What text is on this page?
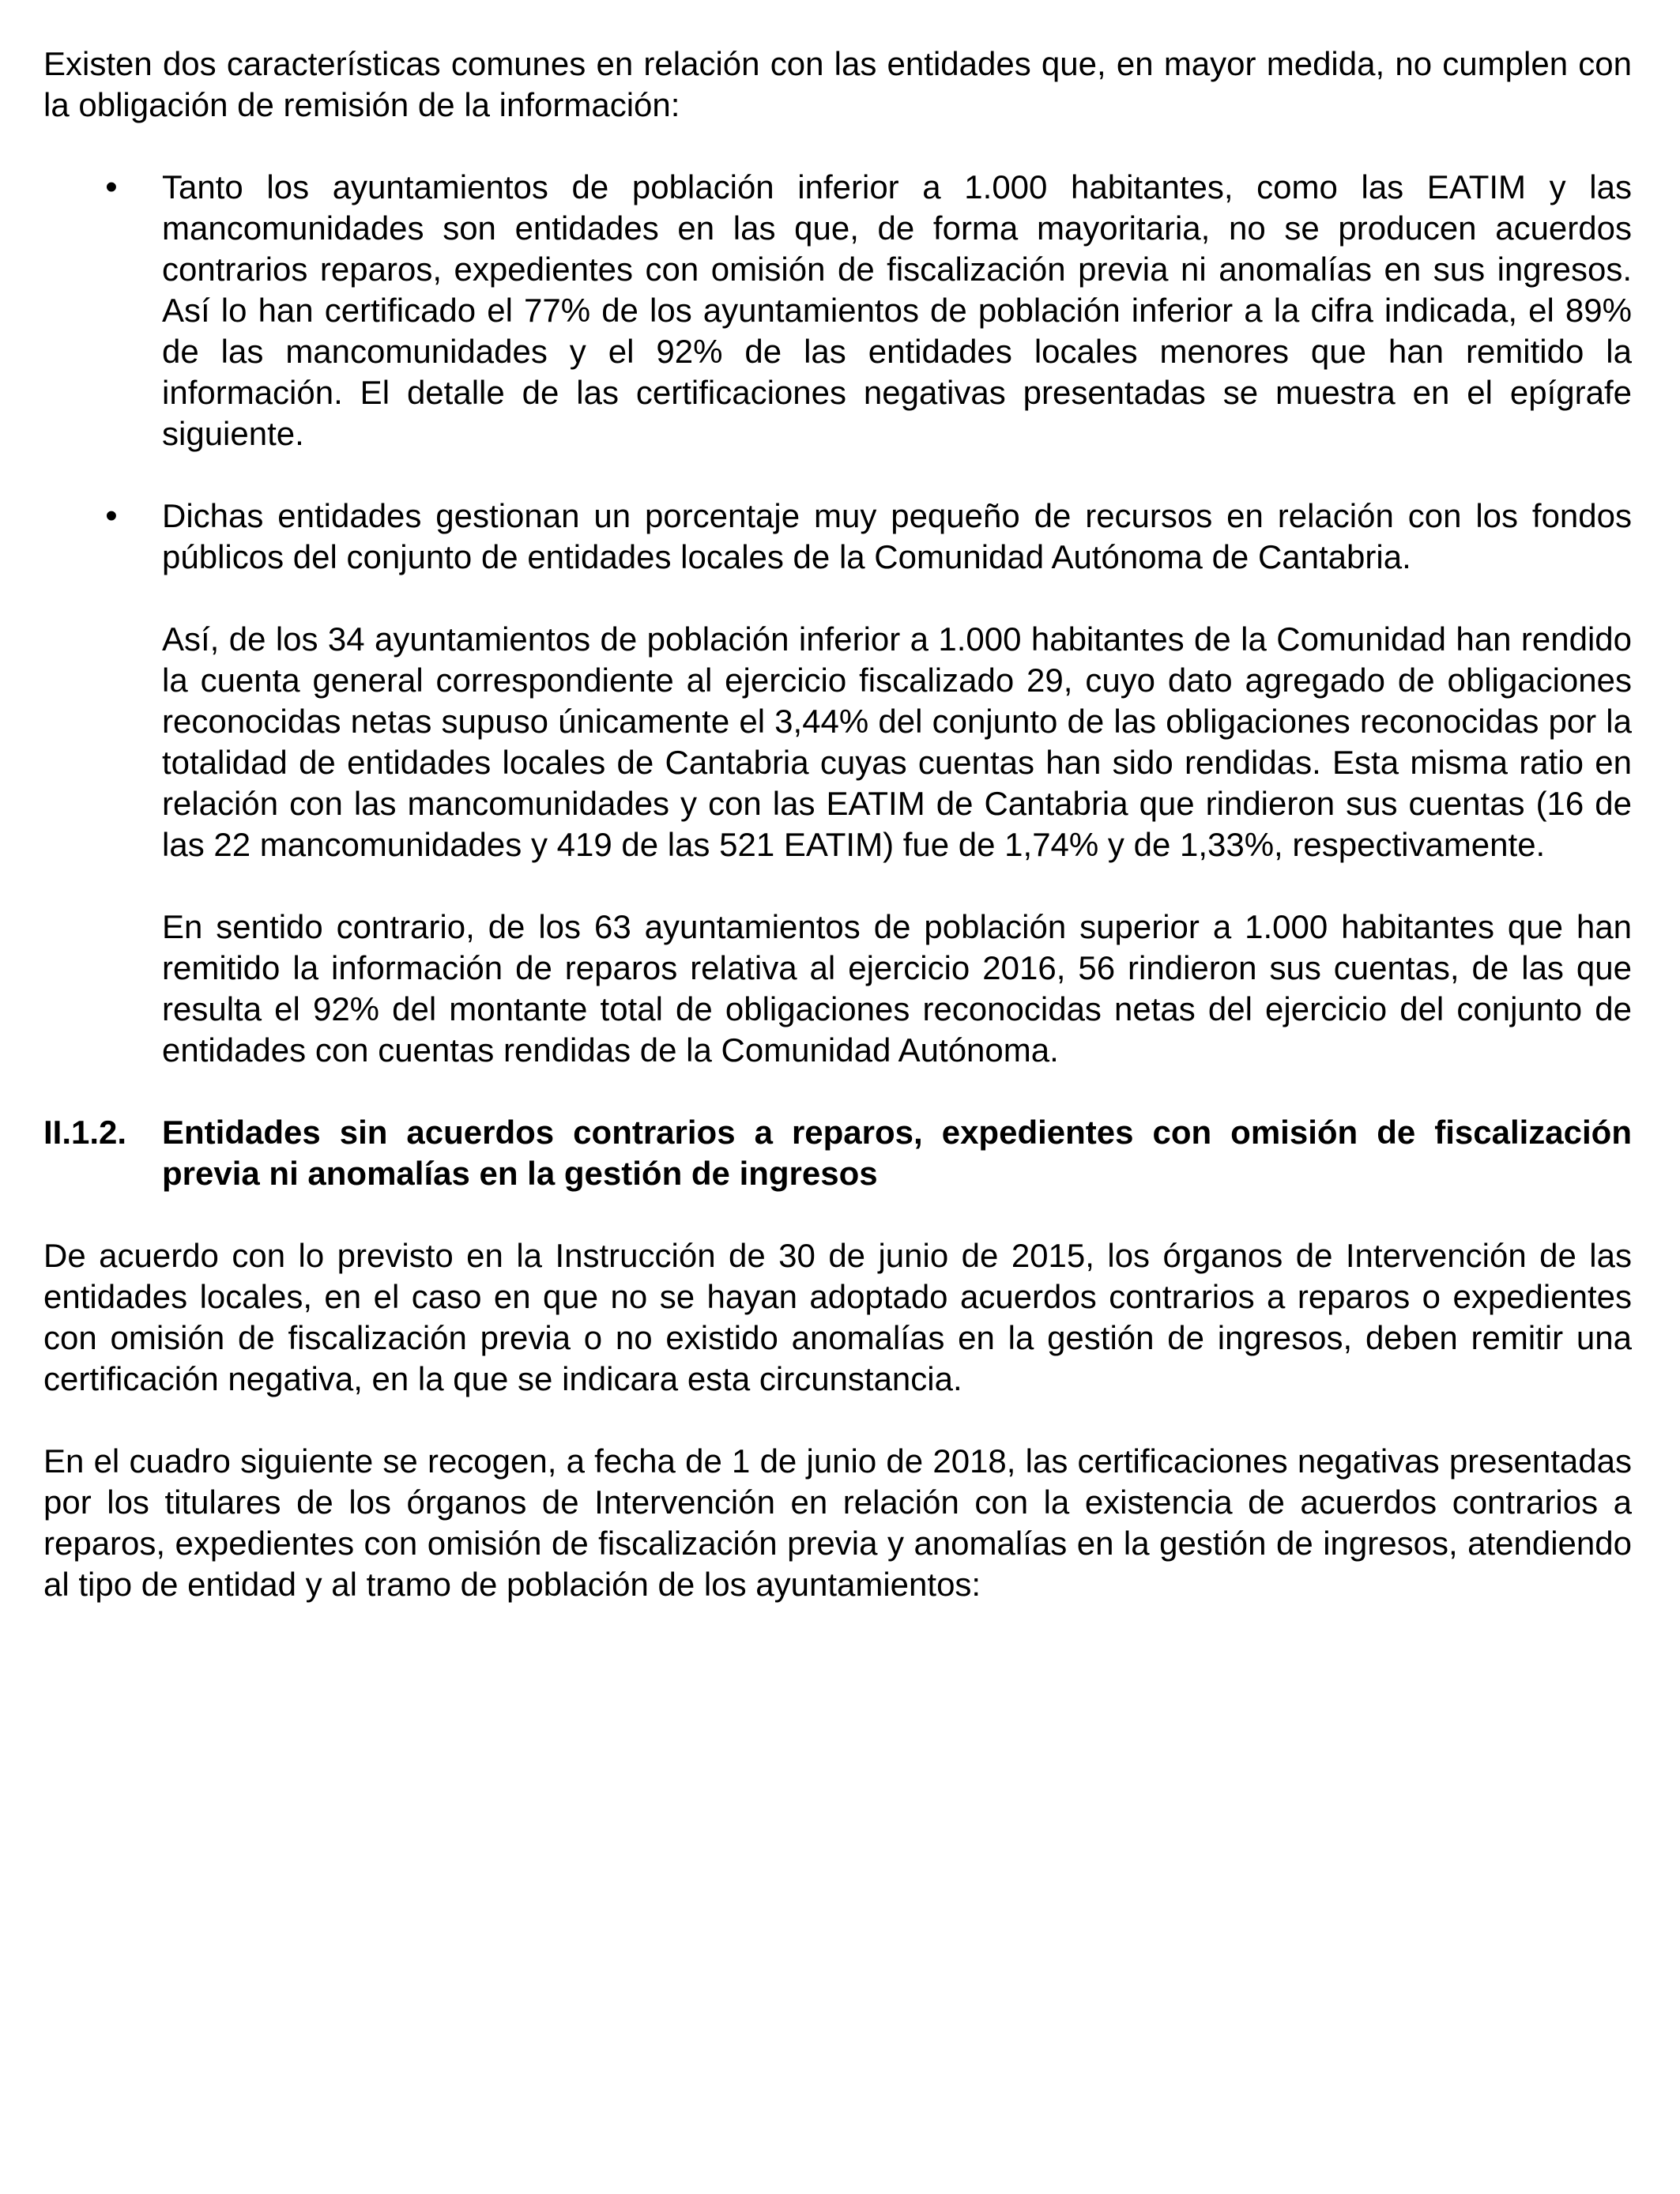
Existen dos características comunes en relación con las entidades que, en mayor medida, no cumplen con la obligación de remisión de la información:

• Tanto los ayuntamientos de población inferior a 1.000 habitantes, como las EATIM y las mancomunidades son entidades en las que, de forma mayoritaria, no se producen acuerdos contrarios reparos, expedientes con omisión de fiscalización previa ni anomalías en sus ingresos. Así lo han certificado el 77% de los ayuntamientos de población inferior a la cifra indicada, el 89% de las mancomunidades y el 92% de las entidades locales menores que han remitido la información. El detalle de las certificaciones negativas presentadas se muestra en el epígrafe siguiente.

• Dichas entidades gestionan un porcentaje muy pequeño de recursos en relación con los fondos públicos del conjunto de entidades locales de la Comunidad Autónoma de Cantabria.

Así, de los 34 ayuntamientos de población inferior a 1.000 habitantes de la Comunidad han rendido la cuenta general correspondiente al ejercicio fiscalizado 29, cuyo dato agregado de obligaciones reconocidas netas supuso únicamente el 3,44% del conjunto de las obligaciones reconocidas por la totalidad de entidades locales de Cantabria cuyas cuentas han sido rendidas. Esta misma ratio en relación con las mancomunidades y con las EATIM de Cantabria que rindieron sus cuentas (16 de las 22 mancomunidades y 419 de las 521 EATIM) fue de 1,74% y de 1,33%, respectivamente.

En sentido contrario, de los 63 ayuntamientos de población superior a 1.000 habitantes que han remitido la información de reparos relativa al ejercicio 2016, 56 rindieron sus cuentas, de las que resulta el 92% del montante total de obligaciones reconocidas netas del ejercicio del conjunto de entidades con cuentas rendidas de la Comunidad Autónoma.

II.1.2. Entidades sin acuerdos contrarios a reparos, expedientes con omisión de fiscalización previa ni anomalías en la gestión de ingresos

De acuerdo con lo previsto en la Instrucción de 30 de junio de 2015, los órganos de Intervención de las entidades locales, en el caso en que no se hayan adoptado acuerdos contrarios a reparos o expedientes con omisión de fiscalización previa o no existido anomalías en la gestión de ingresos, deben remitir una certificación negativa, en la que se indicara esta circunstancia.

En el cuadro siguiente se recogen, a fecha de 1 de junio de 2018, las certificaciones negativas presentadas por los titulares de los órganos de Intervención en relación con la existencia de acuerdos contrarios a reparos, expedientes con omisión de fiscalización previa y anomalías en la gestión de ingresos, atendiendo al tipo de entidad y al tramo de población de los ayuntamientos:
